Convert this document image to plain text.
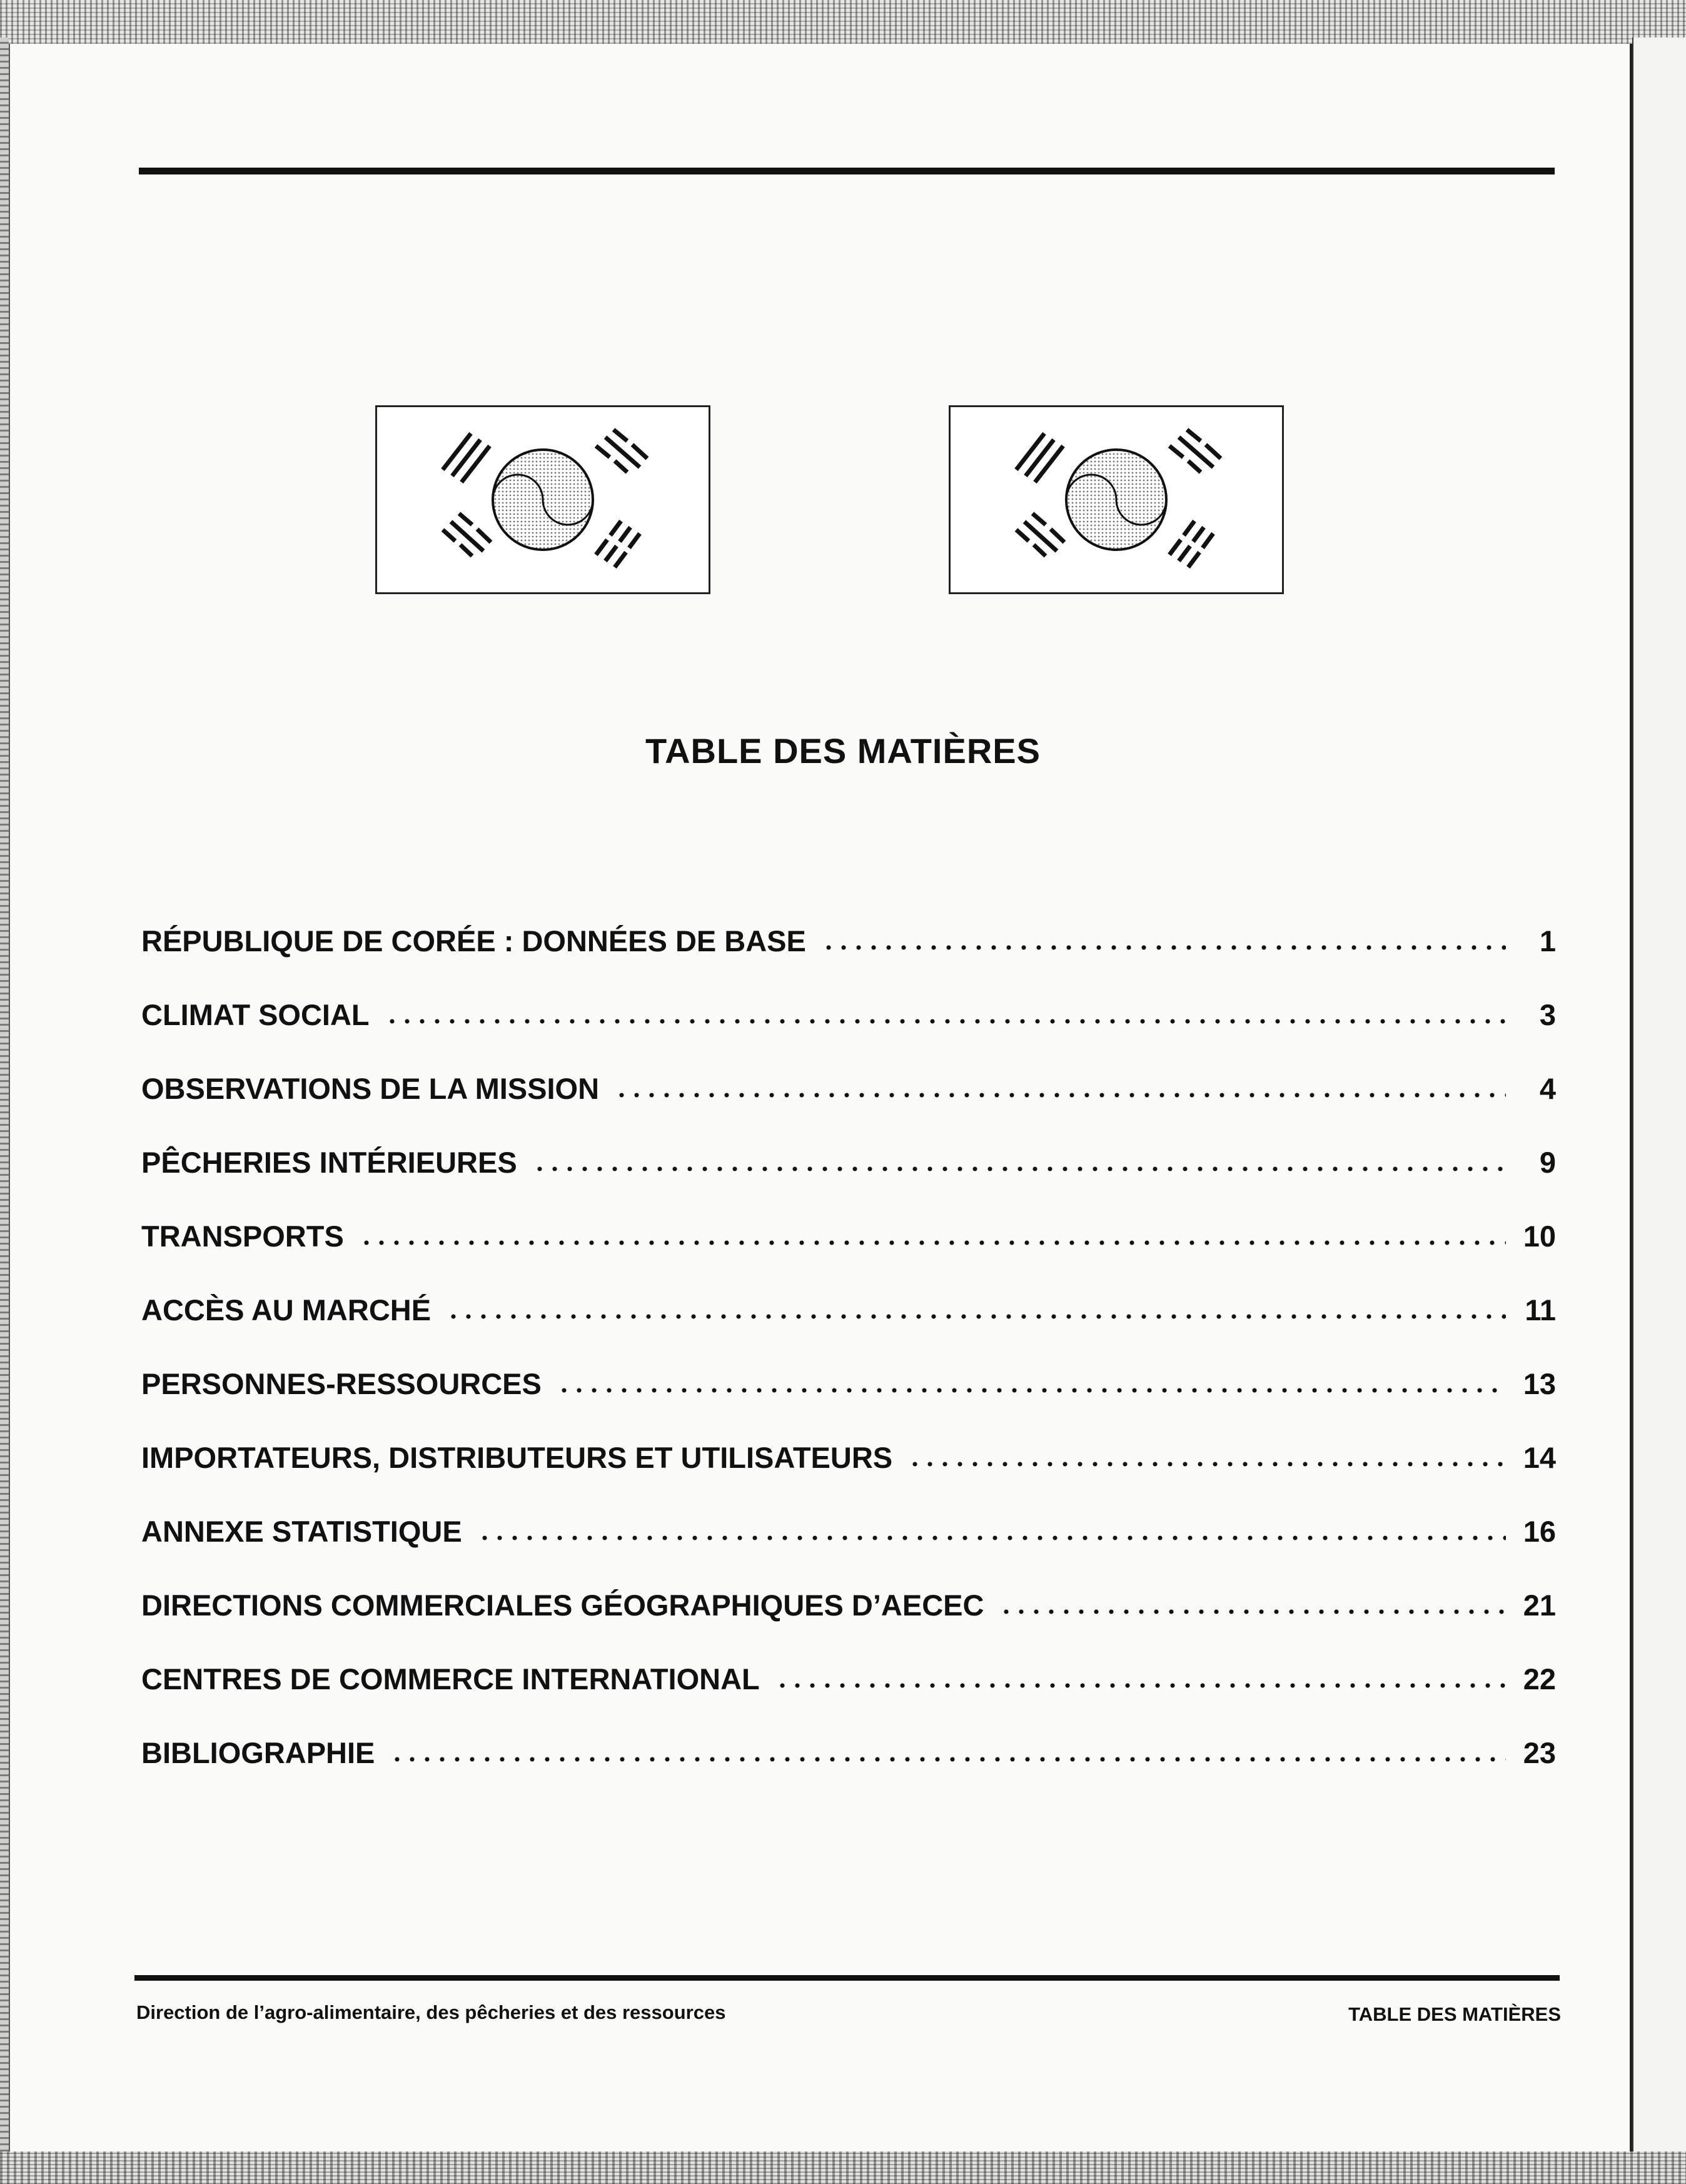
TABLE DES MATIÈRES
RÉPUBLIQUE DE CORÉE : DONNÉES DE BASE	1
CLIMAT SOCIAL	3
OBSERVATIONS DE LA MISSION	4
PÊCHERIES INTÉRIEURES	9
TRANSPORTS	10
ACCÈS AU MARCHÉ	11
PERSONNES-RESSOURCES	13
IMPORTATEURS, DISTRIBUTEURS ET UTILISATEURS	14
ANNEXE STATISTIQUE	16
DIRECTIONS COMMERCIALES GÉOGRAPHIQUES D’AECEC	21
CENTRES DE COMMERCE INTERNATIONAL	22
BIBLIOGRAPHIE	23
Direction de l’agro-alimentaire, des pêcheries et des ressources	TABLE DES MATIÈRES
